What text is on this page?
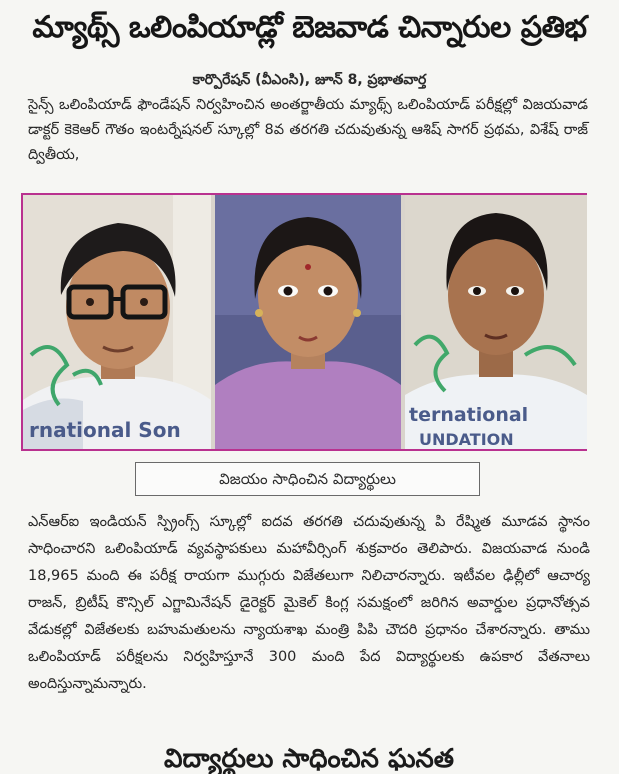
మ్యాథ్స్ ఒలింపియాడ్లో బెజవాడ చిన్నారుల ప్రతిభ
కార్పొరేషన్ (వీఎంసి), జూన్ 8, ప్రభాతవార్త
సైన్స్ ఒలింపియాడ్ ఫౌండేషన్ నిర్వహించిన అంతర్జాతీయ మ్యాథ్స్ ఒలింపియాడ్ పరీక్షల్లో విజయవాడ డాక్టర్ కెకెఆర్ గౌతం ఇంటర్నేషనల్ స్కూల్లో 8వ తరగతి చదువుతున్న ఆశిష్ సాగర్ ప్రథమ, విశేష్ రాజ్ ద్వితీయ,
rnational Son
ternational
UNDATION
విజయం సాధించిన విద్యార్థులు
ఎన్ఆర్ఐ ఇండియన్ స్ప్రింగ్స్ స్కూల్లో ఐదవ తరగతి చదువుతున్న పి రేష్మిత మూడవ స్థానం సాధించారని ఒలింపియాడ్ వ్యవస్థాపకులు మహావీర్సింగ్ శుక్రవారం తెలిపారు. విజయవాడ నుండి 18,965 మంది ఈ పరీక్ష రాయగా ముగ్గురు విజేతలుగా నిలిచారన్నారు. ఇటీవల ఢిల్లీలో ఆచార్య రాజన్, బ్రిటీష్ కౌన్సిల్ ఎగ్జామినేషన్ డైరెక్టర్ మైకెల్ కింగ్ల సమక్షంలో జరిగిన అవార్డుల ప్రధానోత్సవ వేడుకల్లో విజేతలకు బహుమతులను న్యాయశాఖ మంత్రి పిపి చౌదరి ప్రధానం చేశారన్నారు. తాము ఒలింపియాడ్ పరీక్షలను నిర్వహిస్తూనే 300 మంది పేద విద్యార్థులకు ఉపకార వేతనాలు అందిస్తున్నామన్నారు.
విద్యార్థులు సాధించిన ఘనత
